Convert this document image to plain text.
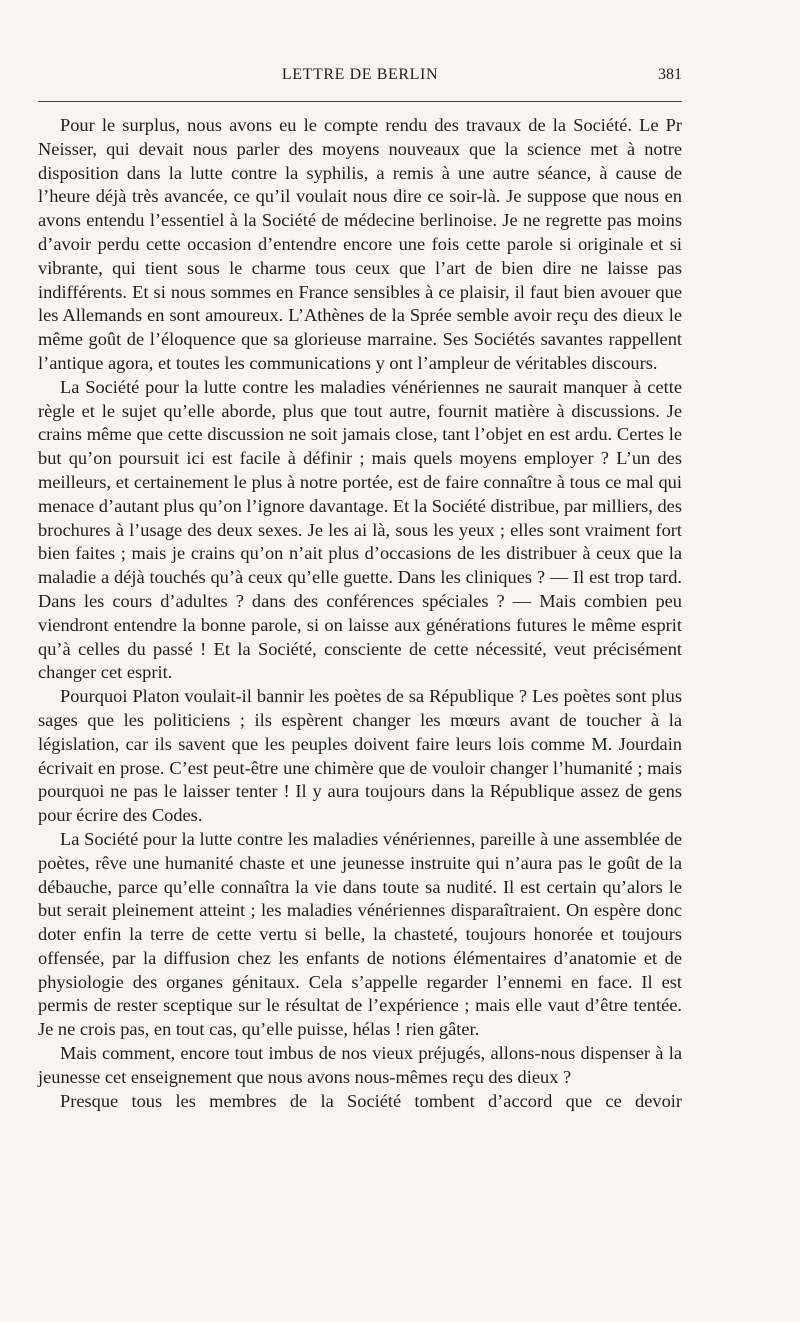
LETTRE DE BERLIN	381

Pour le surplus, nous avons eu le compte rendu des travaux de la Société. Le Pr Neisser, qui devait nous parler des moyens nouveaux que la science met à notre disposition dans la lutte contre la syphilis, a remis à une autre séance, à cause de l’heure déjà très avancée, ce qu’il voulait nous dire ce soir-là. Je suppose que nous en avons entendu l’essentiel à la Société de médecine berlinoise. Je ne regrette pas moins d’avoir perdu cette occasion d’entendre encore une fois cette parole si originale et si vibrante, qui tient sous le charme tous ceux que l’art de bien dire ne laisse pas indifférents. Et si nous sommes en France sensibles à ce plaisir, il faut bien avouer que les Allemands en sont amoureux. L’Athènes de la Sprée semble avoir reçu des dieux le même goût de l’éloquence que sa glorieuse marraine. Ses Sociétés savantes rappellent l’antique agora, et toutes les communications y ont l’ampleur de véritables discours.

La Société pour la lutte contre les maladies vénériennes ne saurait manquer à cette règle et le sujet qu’elle aborde, plus que tout autre, fournit matière à discussions. Je crains même que cette discussion ne soit jamais close, tant l’objet en est ardu. Certes le but qu’on poursuit ici est facile à définir ; mais quels moyens employer ? L’un des meilleurs, et certainement le plus à notre portée, est de faire connaître à tous ce mal qui menace d’autant plus qu’on l’ignore davantage. Et la Société distribue, par milliers, des brochures à l’usage des deux sexes. Je les ai là, sous les yeux ; elles sont vraiment fort bien faites ; mais je crains qu’on n’ait plus d’occasions de les distribuer à ceux que la maladie a déjà touchés qu’à ceux qu’elle guette. Dans les cliniques ? — Il est trop tard. Dans les cours d’adultes ? dans des conférences spéciales ? — Mais combien peu viendront entendre la bonne parole, si on laisse aux générations futures le même esprit qu’à celles du passé ! Et la Société, consciente de cette nécessité, veut précisément changer cet esprit.

Pourquoi Platon voulait-il bannir les poètes de sa République ? Les poètes sont plus sages que les politiciens ; ils espèrent changer les mœurs avant de toucher à la législation, car ils savent que les peuples doivent faire leurs lois comme M. Jourdain écrivait en prose. C’est peut-être une chimère que de vouloir changer l’humanité ; mais pourquoi ne pas le laisser tenter ! Il y aura toujours dans la République assez de gens pour écrire des Codes.

La Société pour la lutte contre les maladies vénériennes, pareille à une assemblée de poètes, rêve une humanité chaste et une jeunesse instruite qui n’aura pas le goût de la débauche, parce qu’elle connaîtra la vie dans toute sa nudité. Il est certain qu’alors le but serait pleinement atteint ; les maladies vénériennes disparaîtraient. On espère donc doter enfin la terre de cette vertu si belle, la chasteté, toujours honorée et toujours offensée, par la diffusion chez les enfants de notions élémentaires d’anatomie et de physiologie des organes génitaux. Cela s’appelle regarder l’ennemi en face. Il est permis de rester sceptique sur le résultat de l’expérience ; mais elle vaut d’être tentée. Je ne crois pas, en tout cas, qu’elle puisse, hélas ! rien gâter.

Mais comment, encore tout imbus de nos vieux préjugés, allons-nous dispenser à la jeunesse cet enseignement que nous avons nous-mêmes reçu des dieux ?

Presque tous les membres de la Société tombent d’accord que ce devoir
